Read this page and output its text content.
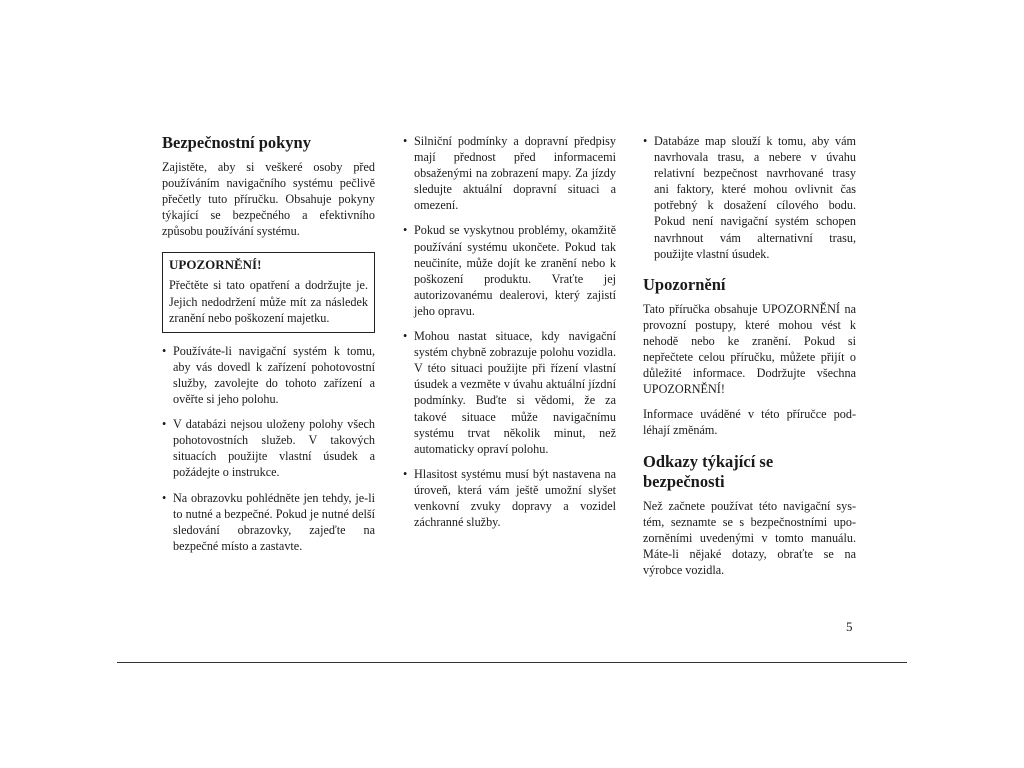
Bezpečnostní pokyny

Zajistěte, aby si veškeré osoby před používáním navigačního systému pečlivě přečetly tuto příručku. Obsahuje pokyny týkající se bezpečného a efektivního způsobu používání systému.

UPOZORNĚNÍ!
Přečtěte si tato opatření a dodržujte je. Jejich nedodržení může mít za následek zranění nebo poškození majetku.
• Používáte-li navigační systém k tomu, aby vás dovedl k zařízení pohotovostní služby, zavolejte do tohoto zařízení a ověřte si jeho polohu.
• V databázi nejsou uloženy polohy všech pohotovostních služeb. V takových situacích použijte vlastní úsudek a požádejte o instrukce.
• Na obrazovku pohlédněte jen tehdy, je-li to nutné a bezpečné. Pokud je nutné delší sledování obrazovky, zajeďte na bezpečné místo a zastavte.
• Silniční podmínky a dopravní předpisy mají přednost před informacemi obsaženými na zobrazení mapy. Za jízdy sledujte aktuální dopravní situaci a omezení.
• Pokud se vyskytnou problémy, okamžitě používání systému ukončete. Pokud tak neučiníte, může dojít ke zranění nebo k poškození produktu. Vraťte jej autorizovanému dealerovi, který zajistí jeho opravu.
• Mohou nastat situace, kdy navigační systém chybně zobrazuje polohu vozidla. V této situaci použijte při řízení vlastní úsudek a vezměte v úvahu aktuální jízdní podmínky. Buďte si vědomi, že za takové situace může navigačnímu systému trvat několik minut, než automaticky opraví polohu.
• Hlasitost systému musí být nastavena na úroveň, která vám ještě umožní slyšet venkovní zvuky dopravy a vozidel záchranné služby.
• Databáze map slouží k tomu, aby vám navrhovala trasu, a nebere v úvahu relativní bezpečnost navrhované trasy ani faktory, které mohou ovlivnit čas potřebný k dosažení cílového bodu. Pokud není navigační systém schopen navrhnout vám alternativní trasu, použijte vlastní úsudek.
Upozornění

Tato příručka obsahuje UPOZORNĚNÍ na provozní postupy, které mohou vést k nehodě nebo ke zranění. Pokud si nepřečtete celou příručku, můžete přijít o důležité informace. Dodržujte všechna UPOZORNĚNÍ!

Informace uváděné v této příručce podléhají změnám.

Odkazy týkající se bezpečnosti

Než začnete používat této navigační systém, seznamte se s bezpečnostními upozorněními uvedenými v tomto manuálu. Máte-li nějaké dotazy, obraťte se na výrobce vozidla.

5
